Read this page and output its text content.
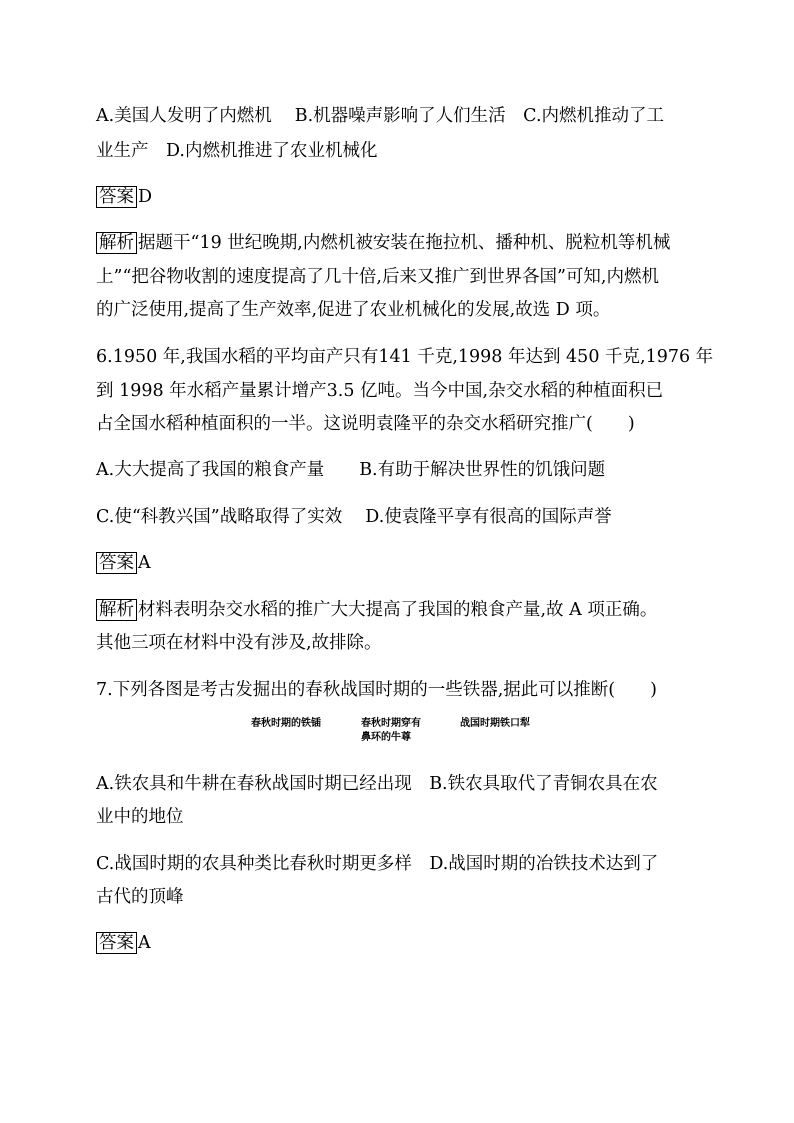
A.美国人发明了内燃机　 B.机器噪声影响了人们生活　C.内燃机推动了工
业生产　D.内燃机推进了农业机械化
答案 D
解析 据题干“19 世纪晚期,内燃机被安装在拖拉机、播种机、脱粒机等机械
上”“把谷物收割的速度提高了几十倍,后来又推广到世界各国”可知,内燃机
的广泛使用,提高了生产效率,促进了农业机械化的发展,故选 D 项。
6.1950 年,我国水稻的平均亩产只有141 千克,1998 年达到 450 千克,1976 年
到 1998 年水稻产量累计增产3.5 亿吨。当今中国,杂交水稻的种植面积已
占全国水稻种植面积的一半。这说明袁隆平的杂交水稻研究推广(　　)
A.大大提高了我国的粮食产量　　B.有助于解决世界性的饥饿问题
C.使“科教兴国”战略取得了实效　 D.使袁隆平享有很高的国际声誉
答案 A
解析 材料表明杂交水稻的推广大大提高了我国的粮食产量,故 A 项正确。
其他三项在材料中没有涉及,故排除。
7.下列各图是考古发掘出的春秋战国时期的一些铁器,据此可以推断(　　)
春秋时期的铁锸	春秋时期穿有
鼻环的牛尊
战国时期铁口犁
A.铁农具和牛耕在春秋战国时期已经出现　B.铁农具取代了青铜农具在农
业中的地位
C.战国时期的农具种类比春秋时期更多样　D.战国时期的冶铁技术达到了
古代的顶峰
答案 A
